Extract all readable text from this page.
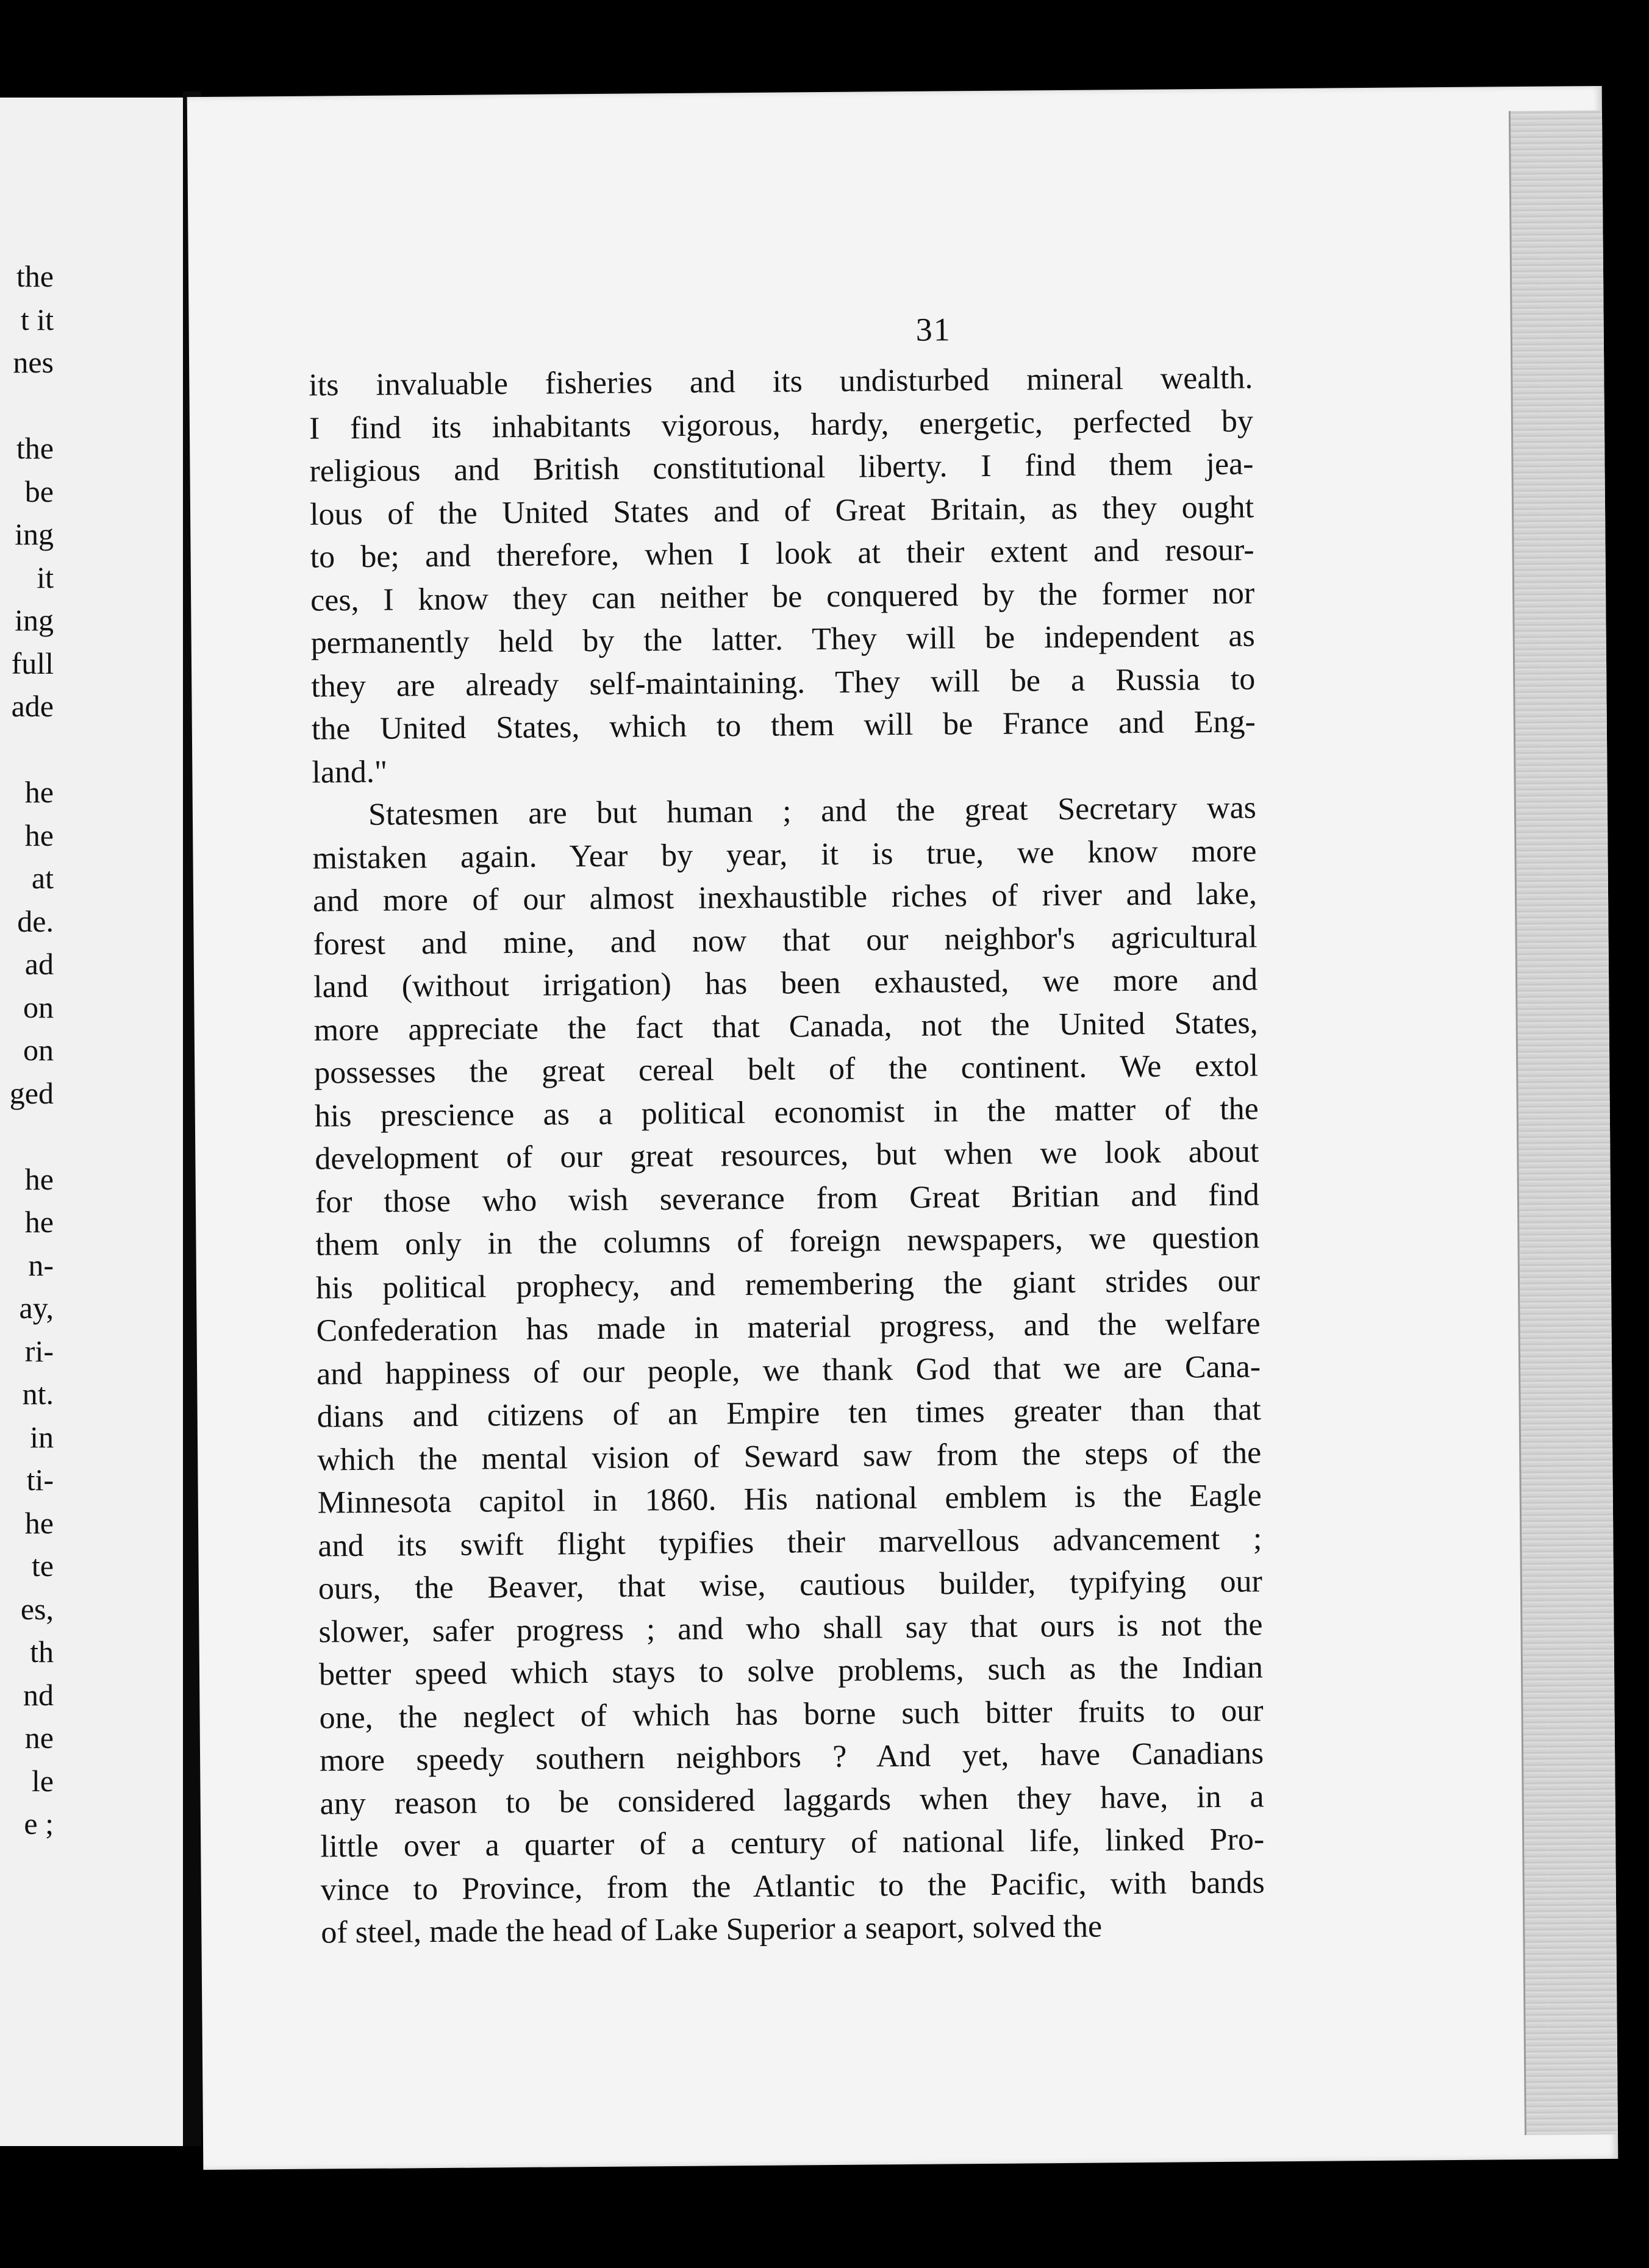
the
t it
nes
the
be
ing
it
ing
full
ade
he
he
at
de.
ad
on
on
ged
he
he
n-
ay,
ri-
nt.
in
ti-
he
te
es,
th
nd
ne
le
e ;
31
its invaluable fisheries and its undisturbed mineral wealth.
I find its inhabitants vigorous, hardy, energetic, perfected by
religious and British constitutional liberty. I find them jea-
lous of the United States and of Great Britain, as they ought
to be; and therefore, when I look at their extent and resour-
ces, I know they can neither be conquered by the former nor
permanently held by the latter. They will be independent as
they are already self-maintaining. They will be a Russia to
the United States, which to them will be France and Eng-
land."
Statesmen are but human ; and the great Secretary was
mistaken again. Year by year, it is true, we know more
and more of our almost inexhaustible riches of river and lake,
forest and mine, and now that our neighbor's agricultural
land (without irrigation) has been exhausted, we more and
more appreciate the fact that Canada, not the United States,
possesses the great cereal belt of the continent. We extol
his prescience as a political economist in the matter of the
development of our great resources, but when we look about
for those who wish severance from Great Britian and find
them only in the columns of foreign newspapers, we question
his political prophecy, and remembering the giant strides our
Confederation has made in material progress, and the welfare
and happiness of our people, we thank God that we are Cana-
dians and citizens of an Empire ten times greater than that
which the mental vision of Seward saw from the steps of the
Minnesota capitol in 1860. His national emblem is the Eagle
and its swift flight typifies their marvellous advancement ;
ours, the Beaver, that wise, cautious builder, typifying our
slower, safer progress ; and who shall say that ours is not the
better speed which stays to solve problems, such as the Indian
one, the neglect of which has borne such bitter fruits to our
more speedy southern neighbors ? And yet, have Canadians
any reason to be considered laggards when they have, in a
little over a quarter of a century of national life, linked Pro-
vince to Province, from the Atlantic to the Pacific, with bands
of steel, made the head of Lake Superior a seaport, solved the
